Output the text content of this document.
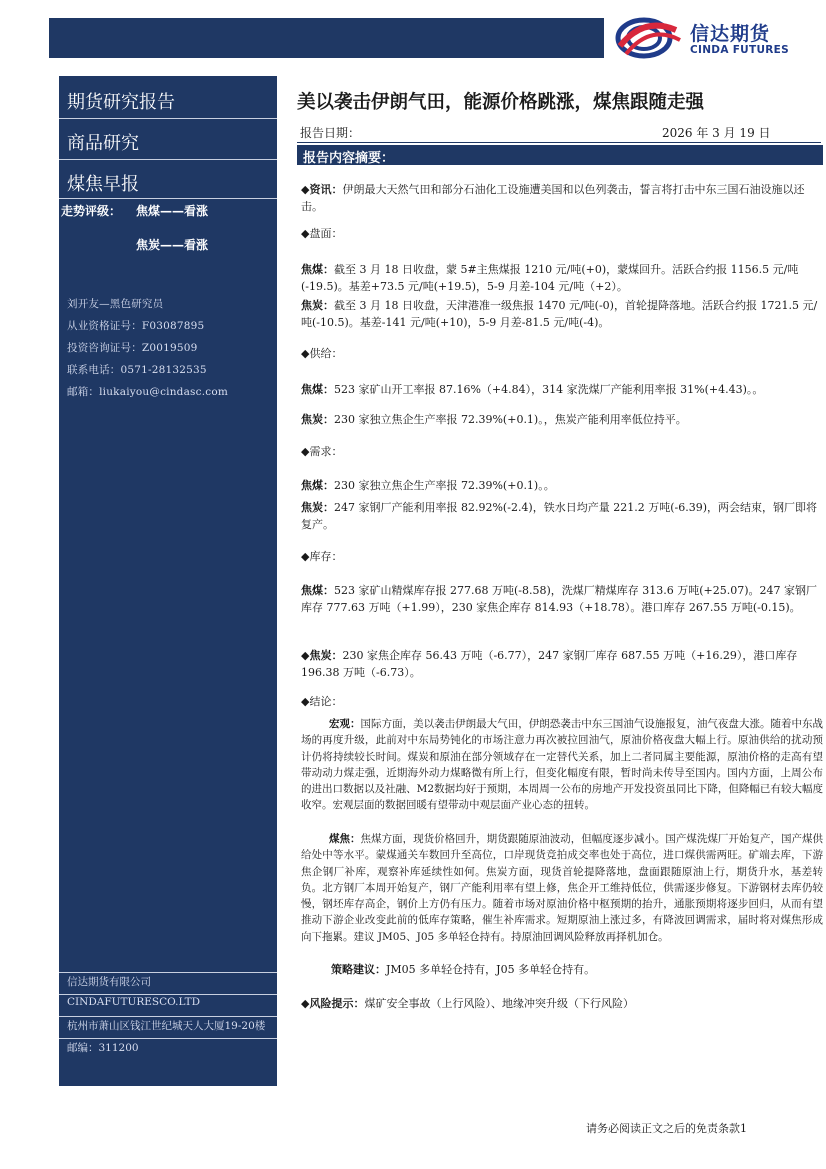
信达期货
CINDA FUTURES
期货研究报告
商品研究
煤焦早报
走势评级： 焦煤——看涨
焦炭——看涨
刘开友—黑色研究员
从业资格证号：F03087895
投资咨询证号：Z0019509
联系电话：0571-28132535
邮箱：liukaiyou@cindasc.com
信达期货有限公司
CINDAFUTURESCO.LTD
杭州市萧山区钱江世纪城天人大厦19-20楼
邮编：311200
美以袭击伊朗气田，能源价格跳涨，煤焦跟随走强
报告日期：	2026 年 3 月 19 日
报告内容摘要：
◆资讯：伊朗最大天然气田和部分石油化工设施遭美国和以色列袭击，誓言将打击中东三国石油设施以还击。
◆盘面：
焦煤：截至 3 月 18 日收盘，蒙 5#主焦煤报 1210 元/吨(+0)，蒙煤回升。活跃合约报 1156.5 元/吨(-19.5)。基差+73.5 元/吨(+19.5)，5-9 月差-104 元/吨（+2）。
焦炭：截至 3 月 18 日收盘，天津港准一级焦报 1470 元/吨(-0)，首轮提降落地。活跃合约报 1721.5 元/吨(-10.5)。基差-141 元/吨(+10)，5-9 月差-81.5 元/吨(-4)。
◆供给：
焦煤：523 家矿山开工率报 87.16%（+4.84），314 家洗煤厂产能利用率报 31%(+4.43)。。
焦炭：230 家独立焦企生产率报 72.39%(+0.1)。，焦炭产能利用率低位持平。
◆需求：
焦煤：230 家独立焦企生产率报 72.39%(+0.1)。。
焦炭：247 家钢厂产能利用率报 82.92%(-2.4)，铁水日均产量 221.2 万吨(-6.39)，两会结束，钢厂即将复产。
◆库存：
焦煤：523 家矿山精煤库存报 277.68 万吨(-8.58)，洗煤厂精煤库存 313.6 万吨(+25.07)。247 家钢厂库存 777.63 万吨（+1.99），230 家焦企库存 814.93（+18.78）。港口库存 267.55 万吨(-0.15)。
◆焦炭：230 家焦企库存 56.43 万吨（-6.77），247 家钢厂库存 687.55 万吨（+16.29），港口库存 196.38 万吨（-6.73）。
◆结论：
宏观：国际方面，美以袭击伊朗最大气田，伊朗恐袭击中东三国油气设施报复，油气夜盘大涨。随着中东战场的再度升级，此前对中东局势钝化的市场注意力再次被拉回油气，原油价格夜盘大幅上行。原油供给的扰动预计仍将持续较长时间。煤炭和原油在部分领域存在一定替代关系，加上二者同属主要能源，原油价格的走高有望带动动力煤走强，近期海外动力煤略微有所上行，但变化幅度有限，暂时尚未传导至国内。国内方面，上周公布的进出口数据以及社融、M2数据均好于预期，本周周一公布的房地产开发投资虽同比下降，但降幅已有较大幅度收窄。宏观层面的数据回暖有望带动中观层面产业心态的扭转。
煤焦：焦煤方面，现货价格回升，期货跟随原油波动，但幅度逐步减小。国产煤洗煤厂开始复产，国产煤供给处中等水平。蒙煤通关车数回升至高位，口岸现货竞拍成交率也处于高位，进口煤供需两旺。矿端去库，下游焦企钢厂补库，观察补库延续性如何。焦炭方面，现货首轮提降落地，盘面跟随原油上行，期货升水，基差转负。北方钢厂本周开始复产，钢厂产能利用率有望上修，焦企开工维持低位，供需逐步修复。下游钢材去库仍较慢，钢坯库存高企，钢价上方仍有压力。随着市场对原油价格中枢预期的抬升，通胀预期将逐步回归，从而有望推动下游企业改变此前的低库存策略，催生补库需求。短期原油上涨过多，有降波回调需求，届时将对煤焦形成向下拖累。建议 JM05、J05 多单轻仓持有。持原油回调风险释放再择机加仓。
策略建议：JM05 多单轻仓持有，J05 多单轻仓持有。
◆风险提示：煤矿安全事故（上行风险）、地缘冲突升级（下行风险）
请务必阅读正文之后的免责条款1
